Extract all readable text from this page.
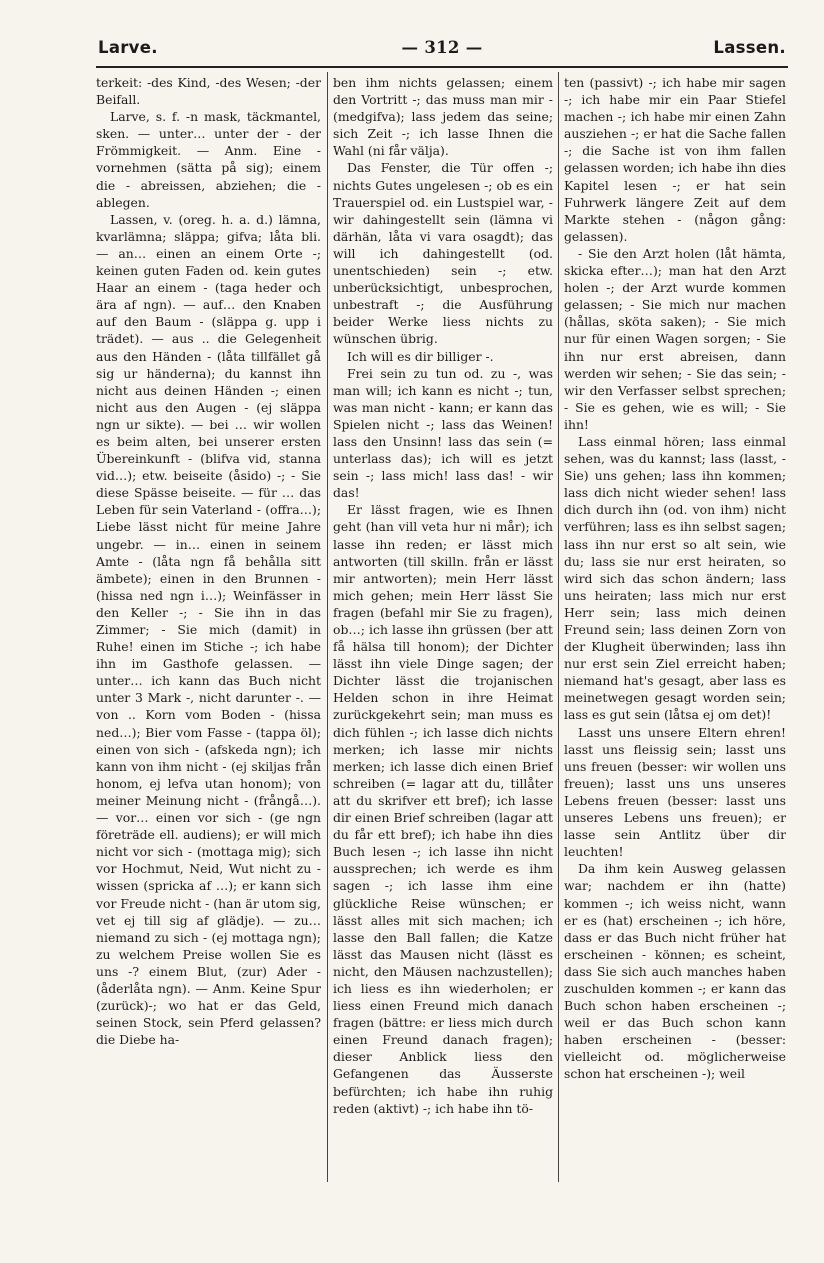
Larve.	— 312 —	Lassen.

terkeit: -des Kind, -des Wesen; -der Beifall.

Larve, s. f. -n mask, täckmantel, sken. — unter… unter der - der Frömmigkeit. — Anm. Eine - vornehmen (sätta på sig); einem die - abreissen, abziehen; die - ablegen.

Lassen, v. (oreg. h. a. d.) lämna, kvarlämna; släppa; gifva; låta bli. — an… einen an einem Orte -; keinen guten Faden od. kein gutes Haar an einem - (taga heder och ära af ngn). — auf… den Knaben auf den Baum - (släppa g. upp i trädet). — aus .. die Gelegenheit aus den Händen - (låta tillfället gå sig ur händerna); du kannst ihn nicht aus deinen Händen -; einen nicht aus den Augen - (ej släppa ngn ur sikte). — bei … wir wollen es beim alten, bei unserer ersten Übereinkunft - (blifva vid, stanna vid…); etw. beiseite (åsido) -; - Sie diese Spässe beiseite. — für … das Leben für sein Vaterland - (offra…); Liebe lässt nicht für meine Jahre ungebr. — in… einen in seinem Amte - (låta ngn få behålla sitt ämbete); einen in den Brunnen - (hissa ned ngn i…); Weinfässer in den Keller -; - Sie ihn in das Zimmer; - Sie mich (damit) in Ruhe! einen im Stiche -; ich habe ihn im Gasthofe gelassen. — unter… ich kann das Buch nicht unter 3 Mark -, nicht darunter -. — von .. Korn vom Boden - (hissa ned…); Bier vom Fasse - (tappa öl); einen von sich - (afskeda ngn); ich kann von ihm nicht - (ej skiljas från honom, ej lefva utan honom); von meiner Meinung nicht - (frångå…). — vor… einen vor sich - (ge ngn företräde ell. audiens); er will mich nicht vor sich - (mottaga mig); sich vor Hochmut, Neid, Wut nicht zu - wissen (spricka af …); er kann sich vor Freude nicht - (han är utom sig, vet ej till sig af glädje). — zu… niemand zu sich - (ej mottaga ngn); zu welchem Preise wollen Sie es uns -? einem Blut, (zur) Ader - (åderlåta ngn). — Anm. Keine Spur (zurück)-; wo hat er das Geld, seinen Stock, sein Pferd gelassen? die Diebe ha-

ben ihm nichts gelassen; einem den Vortritt -; das muss man mir - (medgifva); lass jedem das seine; sich Zeit -; ich lasse Ihnen die Wahl (ni får välja).

Das Fenster, die Tür offen -; nichts Gutes ungelesen -; ob es ein Trauerspiel od. ein Lustspiel war, - wir dahingestellt sein (lämna vi därhän, låta vi vara osagdt); das will ich dahingestellt (od. unentschieden) sein -; etw. unberücksichtigt, unbesprochen, unbestraft -; die Ausführung beider Werke liess nichts zu wünschen übrig.

Ich will es dir billiger -.

Frei sein zu tun od. zu -, was man will; ich kann es nicht -; tun, was man nicht - kann; er kann das Spielen nicht -; lass das Weinen! lass den Unsinn! lass das sein (= unterlass das); ich will es jetzt sein -; lass mich! lass das! - wir das!

Er lässt fragen, wie es Ihnen geht (han vill veta hur ni mår); ich lasse ihn reden; er lässt mich antworten (till skilln. från er lässt mir antworten); mein Herr lässt mich gehen; mein Herr lässt Sie fragen (befahl mir Sie zu fragen), ob…; ich lasse ihn grüssen (ber att få hälsa till honom); der Dichter lässt ihn viele Dinge sagen; der Dichter lässt die trojanischen Helden schon in ihre Heimat zurückgekehrt sein; man muss es dich fühlen -; ich lasse dich nichts merken; ich lasse mir nichts merken; ich lasse dich einen Brief schreiben (= lagar att du, tillåter att du skrifver ett bref); ich lasse dir einen Brief schreiben (lagar att du får ett bref); ich habe ihn dies Buch lesen -; ich lasse ihn nicht aussprechen; ich werde es ihm sagen -; ich lasse ihm eine glückliche Reise wünschen; er lässt alles mit sich machen; ich lasse den Ball fallen; die Katze lässt das Mausen nicht (lässt es nicht, den Mäusen nachzustellen); ich liess es ihn wiederholen; er liess einen Freund mich danach fragen (bättre: er liess mich durch einen Freund danach fragen); dieser Anblick liess den Gefangenen das Äusserste befürchten; ich habe ihn ruhig reden (aktivt) -; ich habe ihn tö-

ten (passivt) -; ich habe mir sagen -; ich habe mir ein Paar Stiefel machen -; ich habe mir einen Zahn ausziehen -; er hat die Sache fallen -; die Sache ist von ihm fallen gelassen worden; ich habe ihn dies Kapitel lesen -; er hat sein Fuhrwerk längere Zeit auf dem Markte stehen - (någon gång: gelassen).

- Sie den Arzt holen (låt hämta, skicka efter…); man hat den Arzt holen -; der Arzt wurde kommen gelassen; - Sie mich nur machen (hållas, sköta saken); - Sie mich nur für einen Wagen sorgen; - Sie ihn nur erst abreisen, dann werden wir sehen; - Sie das sein; - wir den Verfasser selbst sprechen; - Sie es gehen, wie es will; - Sie ihn!

Lass einmal hören; lass einmal sehen, was du kannst; lass (lasst, - Sie) uns gehen; lass ihn kommen; lass dich nicht wieder sehen! lass dich durch ihn (od. von ihm) nicht verführen; lass es ihn selbst sagen; lass ihn nur erst so alt sein, wie du; lass sie nur erst heiraten, so wird sich das schon ändern; lass uns heiraten; lass mich nur erst Herr sein; lass mich deinen Freund sein; lass deinen Zorn von der Klugheit überwinden; lass ihn nur erst sein Ziel erreicht haben; niemand hat's gesagt, aber lass es meinetwegen gesagt worden sein; lass es gut sein (låtsa ej om det)!

Lasst uns unsere Eltern ehren! lasst uns fleissig sein; lasst uns uns freuen (besser: wir wollen uns freuen); lasst uns uns unseres Lebens freuen (besser: lasst uns unseres Lebens uns freuen); er lasse sein Antlitz über dir leuchten!

Da ihm kein Ausweg gelassen war; nachdem er ihn (hatte) kommen -; ich weiss nicht, wann er es (hat) erscheinen -; ich höre, dass er das Buch nicht früher hat erscheinen - können; es scheint, dass Sie sich auch manches haben zuschulden kommen -; er kann das Buch schon haben erscheinen -; weil er das Buch schon kann haben erscheinen - (besser: vielleicht od. möglicherweise schon hat erscheinen -); weil
